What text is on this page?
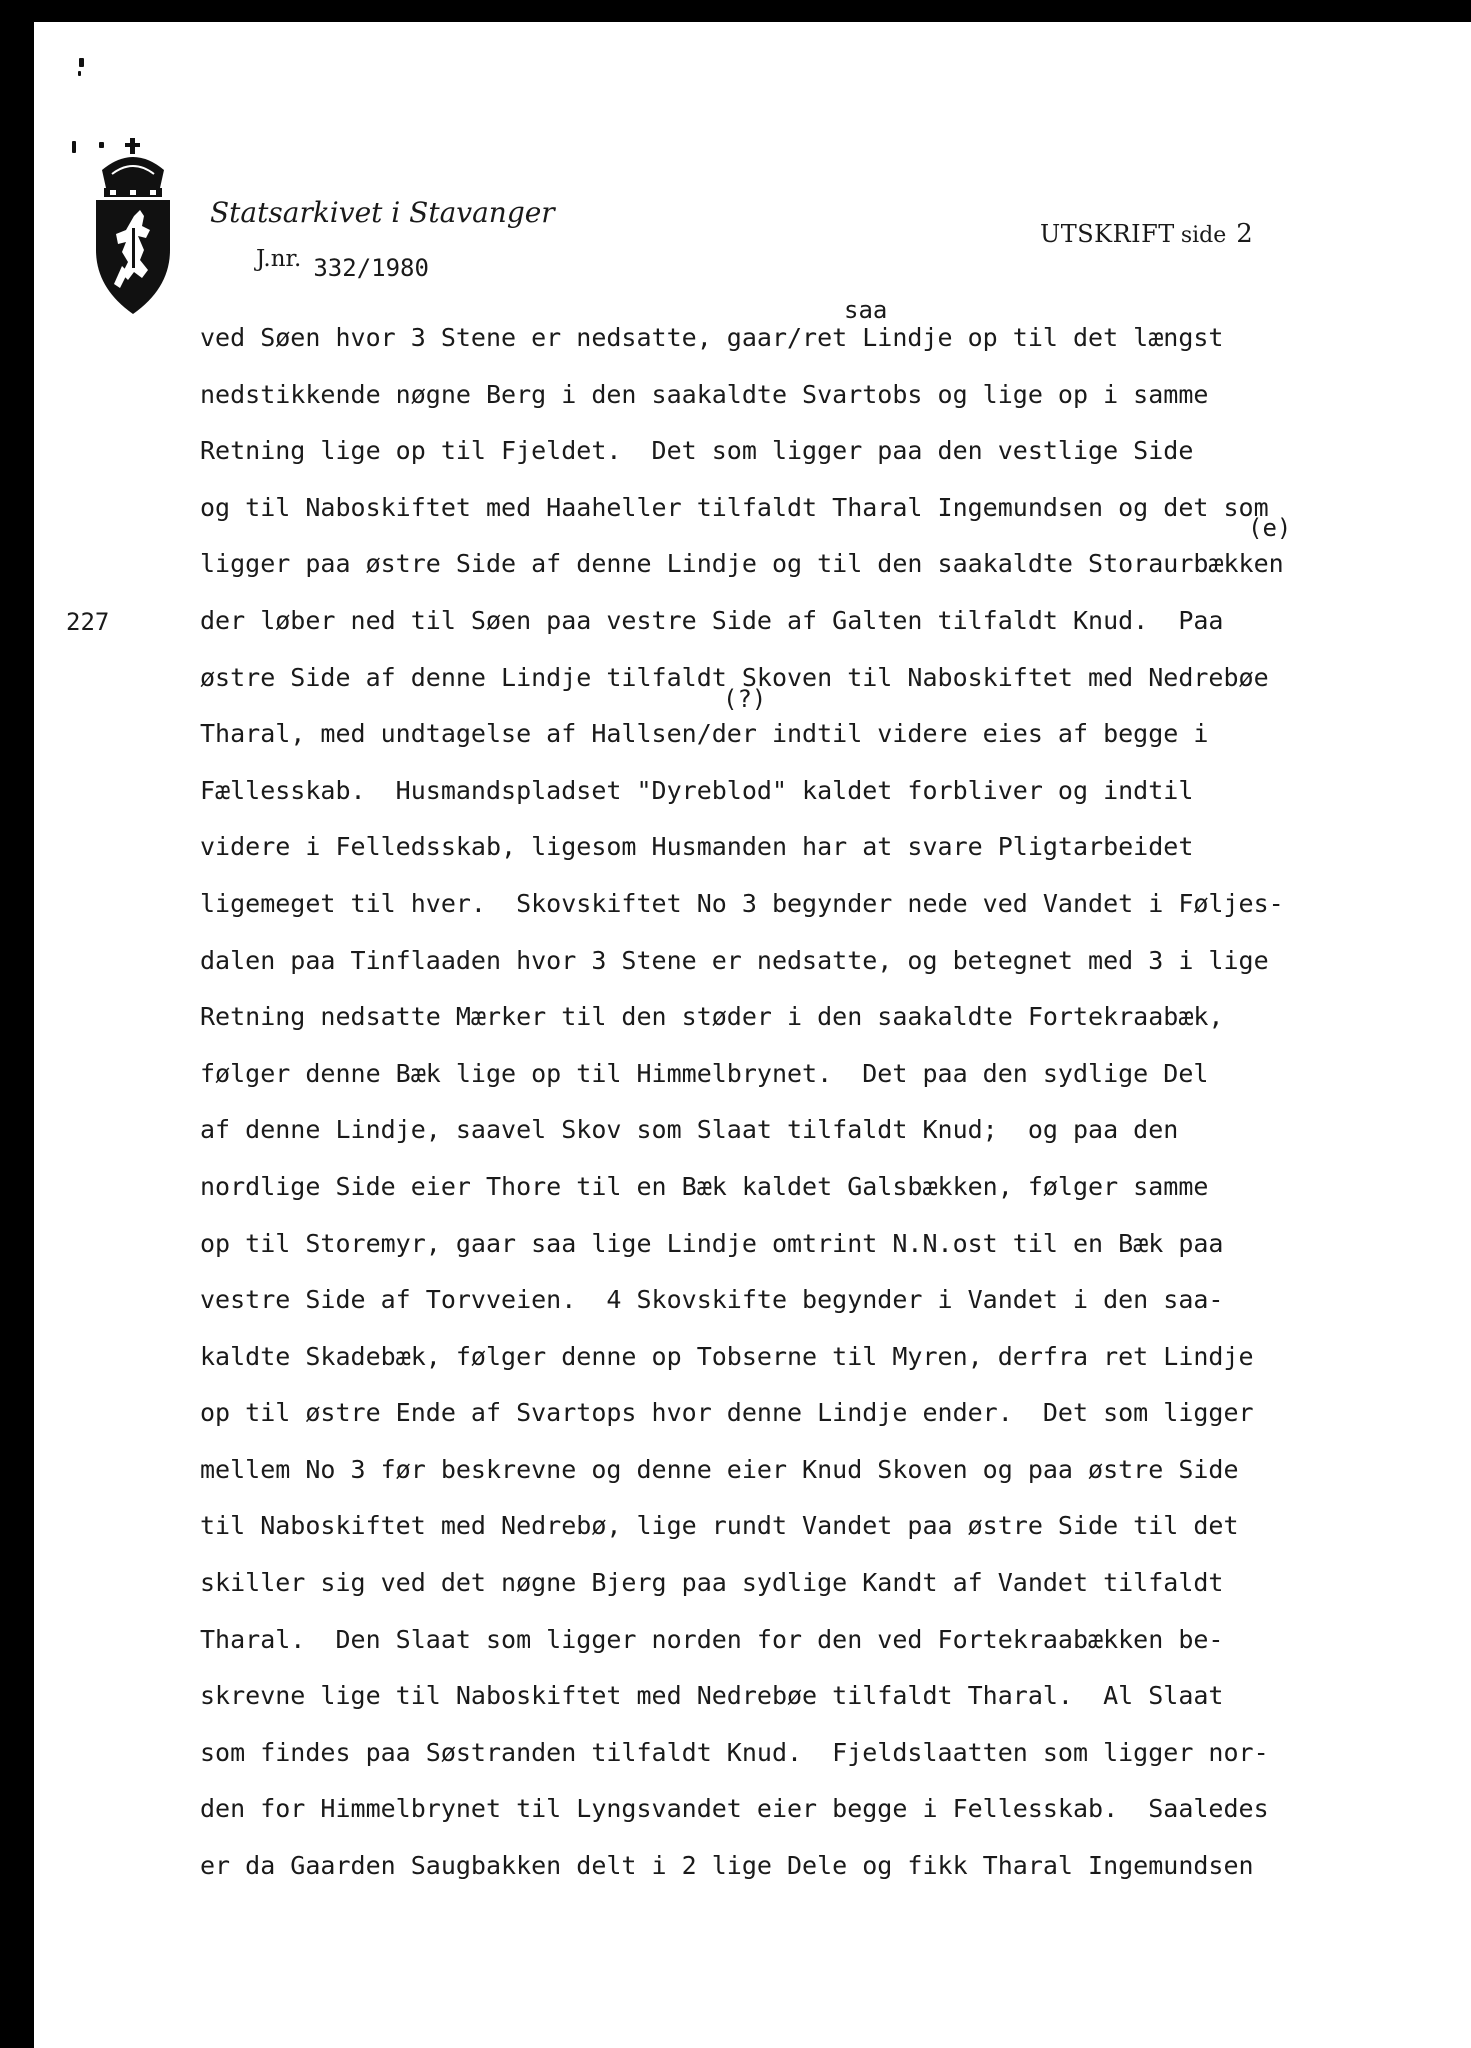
Statsarkivet i Stavanger
J.nr. 332/1980
UTSKRIFT side 2
227
saa
(e)
(?)
ved Søen hvor 3 Stene er nedsatte, gaar/ret Lindje op til det længst
nedstikkende nøgne Berg i den saakaldte Svartobs og lige op i samme
Retning lige op til Fjeldet.  Det som ligger paa den vestlige Side
og til Naboskiftet med Haaheller tilfaldt Tharal Ingemundsen og det som
ligger paa østre Side af denne Lindje og til den saakaldte Storaurbækken
der løber ned til Søen paa vestre Side af Galten tilfaldt Knud.  Paa
østre Side af denne Lindje tilfaldt Skoven til Naboskiftet med Nedrebøe
Tharal, med undtagelse af Hallsen/der indtil videre eies af begge i
Fællesskab.  Husmandspladset "Dyreblod" kaldet forbliver og indtil
videre i Felledsskab, ligesom Husmanden har at svare Pligtarbeidet
ligemeget til hver.  Skovskiftet No 3 begynder nede ved Vandet i Føljes-
dalen paa Tinflaaden hvor 3 Stene er nedsatte, og betegnet med 3 i lige
Retning nedsatte Mærker til den støder i den saakaldte Fortekraabæk,
følger denne Bæk lige op til Himmelbrynet.  Det paa den sydlige Del
af denne Lindje, saavel Skov som Slaat tilfaldt Knud;  og paa den
nordlige Side eier Thore til en Bæk kaldet Galsbækken, følger samme
op til Storemyr, gaar saa lige Lindje omtrint N.N.ost til en Bæk paa
vestre Side af Torvveien.  4 Skovskifte begynder i Vandet i den saa-
kaldte Skadebæk, følger denne op Tobserne til Myren, derfra ret Lindje
op til østre Ende af Svartops hvor denne Lindje ender.  Det som ligger
mellem No 3 før beskrevne og denne eier Knud Skoven og paa østre Side
til Naboskiftet med Nedrebø, lige rundt Vandet paa østre Side til det
skiller sig ved det nøgne Bjerg paa sydlige Kandt af Vandet tilfaldt
Tharal.  Den Slaat som ligger norden for den ved Fortekraabækken be-
skrevne lige til Naboskiftet med Nedrebøe tilfaldt Tharal.  Al Slaat
som findes paa Søstranden tilfaldt Knud.  Fjeldslaatten som ligger nor-
den for Himmelbrynet til Lyngsvandet eier begge i Fellesskab.  Saaledes
er da Gaarden Saugbakken delt i 2 lige Dele og fikk Tharal Ingemundsen
